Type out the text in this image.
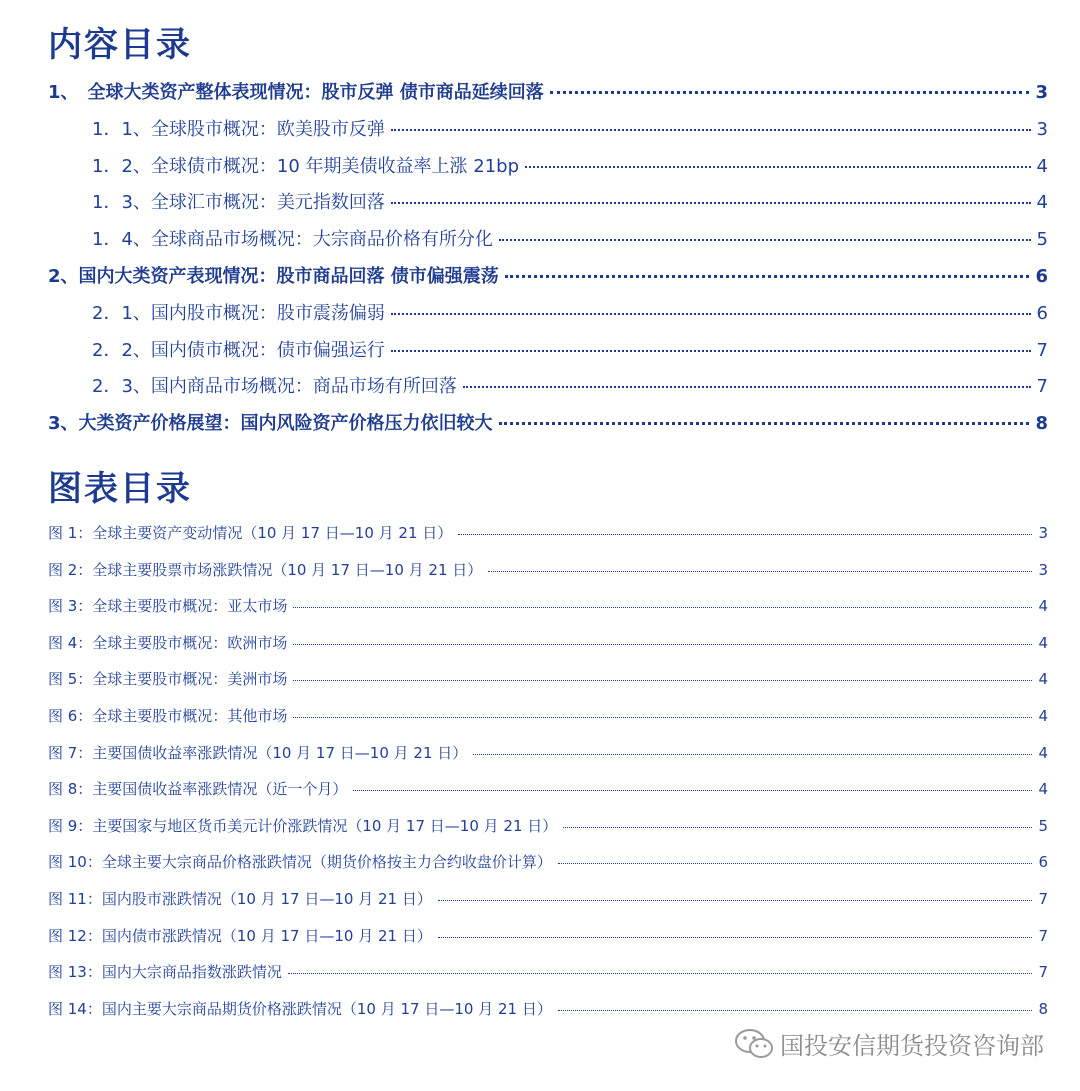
内容目录
1、　全球大类资产整体表现情况：股市反弹 债市商品延续回落	3
1．1、全球股市概况：欧美股市反弹	3
1．2、全球债市概况：10 年期美债收益率上涨 21bp	4
1．3、全球汇市概况：美元指数回落	4
1．4、全球商品市场概况：大宗商品价格有所分化	5
2、国内大类资产表现情况：股市商品回落 债市偏强震荡	6
2．1、国内股市概况：股市震荡偏弱	6
2．2、国内债市概况：债市偏强运行	7
2．3、国内商品市场概况：商品市场有所回落	7
3、大类资产价格展望：国内风险资产价格压力依旧较大	8
图表目录
图 1：全球主要资产变动情况（10 月 17 日—10 月 21 日）	3
图 2：全球主要股票市场涨跌情况（10 月 17 日—10 月 21 日）	3
图 3：全球主要股市概况：亚太市场	4
图 4：全球主要股市概况：欧洲市场	4
图 5：全球主要股市概况：美洲市场	4
图 6：全球主要股市概况：其他市场	4
图 7：主要国债收益率涨跌情况（10 月 17 日—10 月 21 日）	4
图 8：主要国债收益率涨跌情况（近一个月）	4
图 9：主要国家与地区货币美元计价涨跌情况（10 月 17 日—10 月 21 日）	5
图 10：全球主要大宗商品价格涨跌情况（期货价格按主力合约收盘价计算）	6
图 11：国内股市涨跌情况（10 月 17 日—10 月 21 日）	7
图 12：国内债市涨跌情况（10 月 17 日—10 月 21 日）	7
图 13：国内大宗商品指数涨跌情况	7
图 14：国内主要大宗商品期货价格涨跌情况（10 月 17 日—10 月 21 日）	8
国投安信期货投资咨询部
